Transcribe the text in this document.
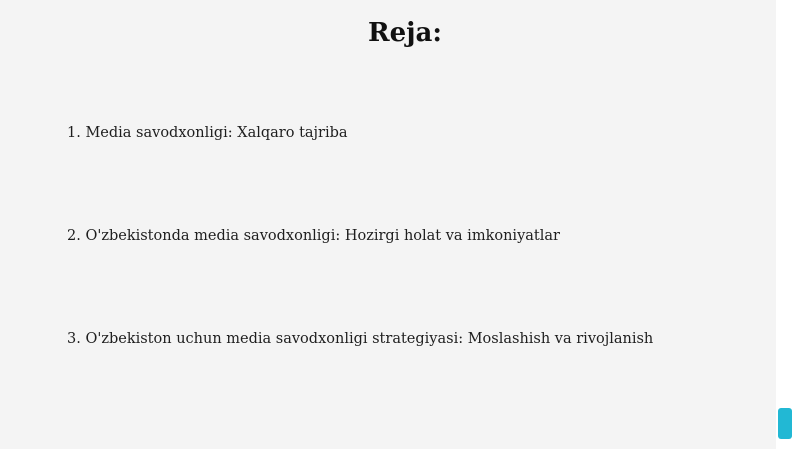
Reja:
1. Media savodxonligi: Xalqaro tajriba
2. O'zbekistonda media savodxonligi: Hozirgi holat va imkoniyatlar
3. O'zbekiston uchun media savodxonligi strategiyasi: Moslashish va rivojlanish
